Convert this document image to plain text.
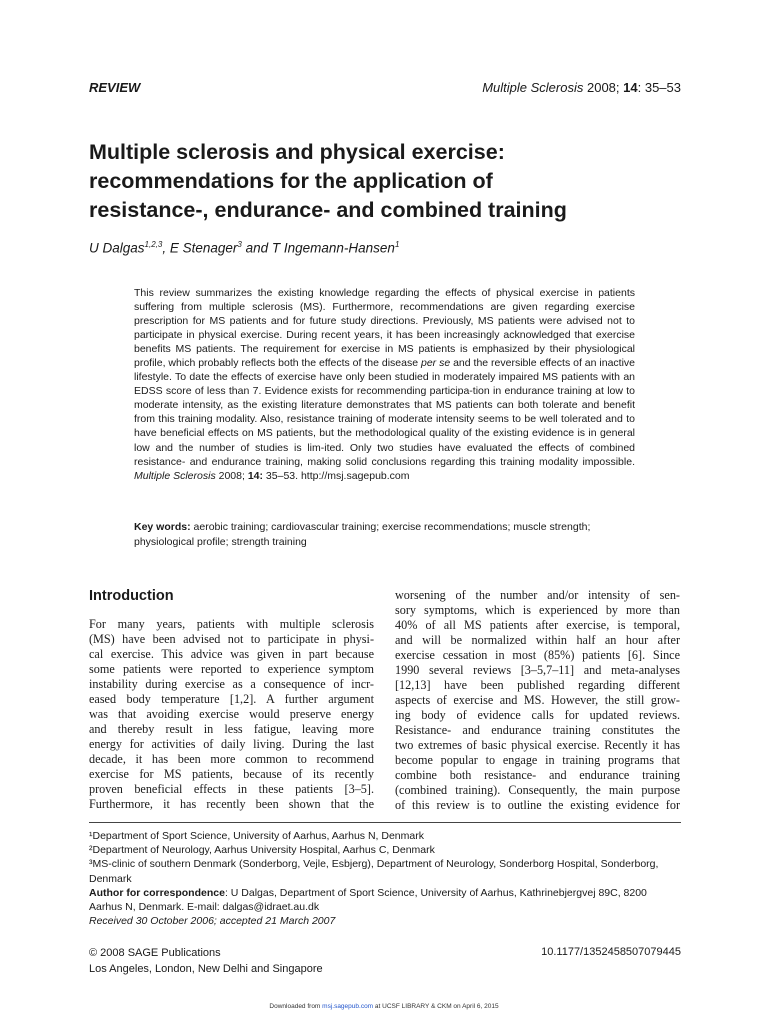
REVIEW	Multiple Sclerosis 2008; 14: 35–53
Multiple sclerosis and physical exercise:
recommendations for the application of
resistance-, endurance- and combined training
U Dalgas$^{1,2,3}$, E Stenager$^3$ and T Ingemann-Hansen$^1$

This review summarizes the existing knowledge regarding the effects of physical exercise in patients suffering from multiple sclerosis (MS). Furthermore, recommendations are given regarding exercise prescription for MS patients and for future study directions. Previously, MS patients were advised not to participate in physical exercise. During recent years, it has been increasingly acknowledged that exercise benefits MS patients. The requirement for exercise in MS patients is emphasized by their physiological profile, which probably reflects both the effects of the disease per se and the reversible effects of an inactive lifestyle. To date the effects of exercise have only been studied in moderately impaired MS patients with an EDSS score of less than 7. Evidence exists for recommending participa-tion in endurance training at low to moderate intensity, as the existing literature demonstrates that MS patients can both tolerate and benefit from this training modality. Also, resistance training of moderate intensity seems to be well tolerated and to have beneficial effects on MS patients, but the methodological quality of the existing evidence is in general low and the number of studies is lim-ited. Only two studies have evaluated the effects of combined resistance- and endurance training, making solid conclusions regarding this training modality impossible. Multiple Sclerosis 2008; 14: 35–53. http://msj.sagepub.com

Key words: aerobic training; cardiovascular training; exercise recommendations; muscle strength; physiological profile; strength training

Introduction
For many years, patients with multiple sclerosis
(MS) have been advised not to participate in physi-
cal exercise. This advice was given in part because
some patients were reported to experience symptom
instability during exercise as a consequence of incr-
eased body temperature [1,2]. A further argument
was that avoiding exercise would preserve energy
and thereby result in less fatigue, leaving more
energy for activities of daily living. During the last
decade, it has been more common to recommend
exercise for MS patients, because of its recently
proven beneficial effects in these patients [3–5].
Furthermore, it has recently been shown that the
worsening of the number and/or intensity of sen-
sory symptoms, which is experienced by more than
40% of all MS patients after exercise, is temporal,
and will be normalized within half an hour after
exercise cessation in most (85%) patients [6]. Since
1990 several reviews [3–5,7–11] and meta-analyses
[12,13] have been published regarding different
aspects of exercise and MS. However, the still grow-
ing body of evidence calls for updated reviews.
Resistance- and endurance training constitutes the
two extremes of basic physical exercise. Recently it has
become popular to engage in training programs that
combine both resistance- and endurance training
(combined training). Consequently, the main purpose
of this review is to outline the existing evidence for
¹Department of Sport Science, University of Aarhus, Aarhus N, Denmark
²Department of Neurology, Aarhus University Hospital, Aarhus C, Denmark
³MS-clinic of southern Denmark (Sonderborg, Vejle, Esbjerg), Department of Neurology, Sonderborg Hospital, Sonderborg, Denmark
Author for correspondence: U Dalgas, Department of Sport Science, University of Aarhus, Kathrinebjergvej 89C, 8200 Aarhus N, Denmark. E-mail: dalgas@idraet.au.dk
Received 30 October 2006; accepted 21 March 2007
© 2008 SAGE Publications
Los Angeles, London, New Delhi and Singapore
10.1177/1352458507079445
Downloaded from msj.sagepub.com at UCSF LIBRARY & CKM on April 6, 2015
